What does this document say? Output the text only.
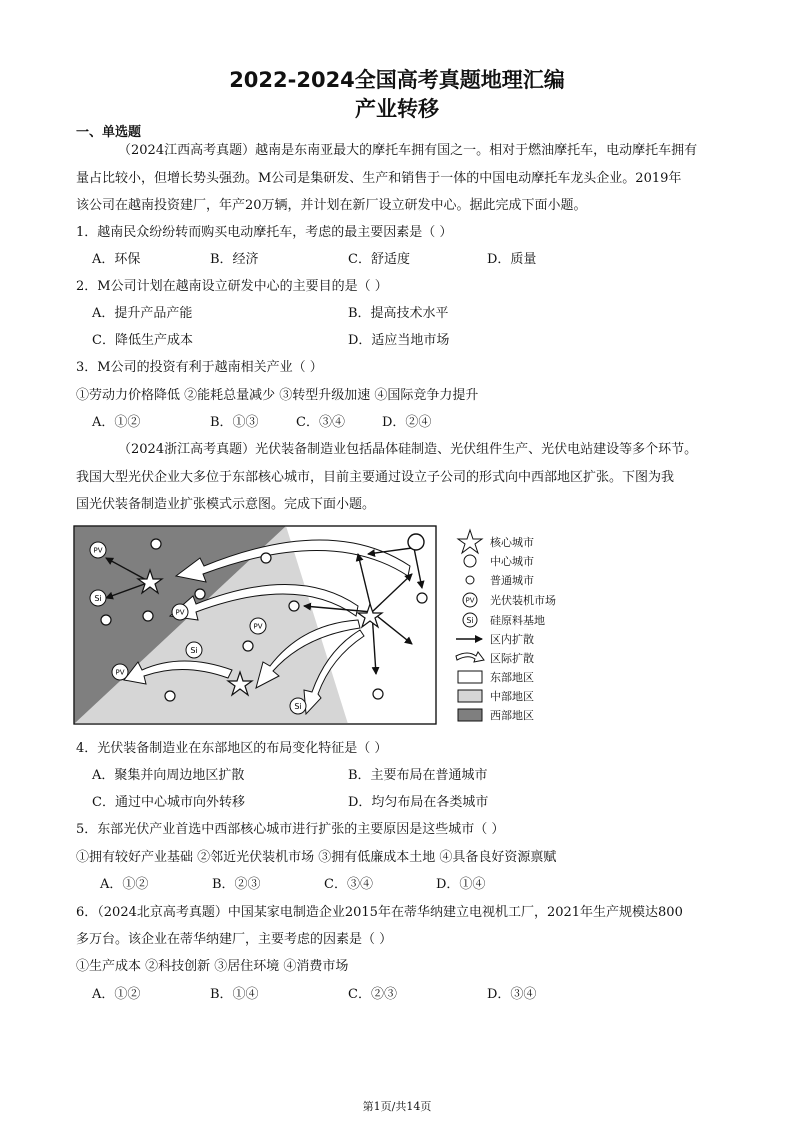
2022-2024全国高考真题地理汇编
产业转移
一、单选题
（2024江西高考真题）越南是东南亚最大的摩托车拥有国之一。相对于燃油摩托车，电动摩托车拥有
量占比较小，但增长势头强劲。M公司是集研发、生产和销售于一体的中国电动摩托车龙头企业。2019年
该公司在越南投资建厂，年产20万辆，并计划在新厂设立研发中心。据此完成下面小题。
1．越南民众纷纷转而购买电动摩托车，考虑的最主要因素是（ ）
A．环保	B．经济	C．舒适度	D．质量
2．M公司计划在越南设立研发中心的主要目的是（ ）
A．提升产品产能	B．提高技术水平
C．降低生产成本	D．适应当地市场
3．M公司的投资有利于越南相关产业（ ）
①劳动力价格降低 ②能耗总量减少 ③转型升级加速 ④国际竞争力提升
A．①②	B．①③	C．③④	D．②④
（2024浙江高考真题）光伏装备制造业包括晶体硅制造、光伏组件生产、光伏电站建设等多个环节。
我国大型光伏企业大多位于东部核心城市，目前主要通过设立子公司的形式向中西部地区扩张。下图为我
国光伏装备制造业扩张模式示意图。完成下面小题。
PV
PV
PV
PV
Si
Si
Si
核心城市
中心城市
普通城市
PV 光伏装机市场
Si 硅原料基地
区内扩散
区际扩散
东部地区
中部地区
西部地区
4．光伏装备制造业在东部地区的布局变化特征是（ ）
A．聚集并向周边地区扩散	B．主要布局在普通城市
C．通过中心城市向外转移	D．均匀布局在各类城市
5．东部光伏产业首选中西部核心城市进行扩张的主要原因是这些城市（ ）
①拥有较好产业基础 ②邻近光伏装机市场 ③拥有低廉成本土地 ④具备良好资源禀赋
A．①②	B．②③	C．③④	D．①④
6．（2024北京高考真题）中国某家电制造企业2015年在蒂华纳建立电视机工厂，2021年生产规模达800
多万台。该企业在蒂华纳建厂，主要考虑的因素是（ ）
①生产成本 ②科技创新 ③居住环境 ④消费市场
A．①②	B．①④	C．②③	D．③④
第1页/共14页
